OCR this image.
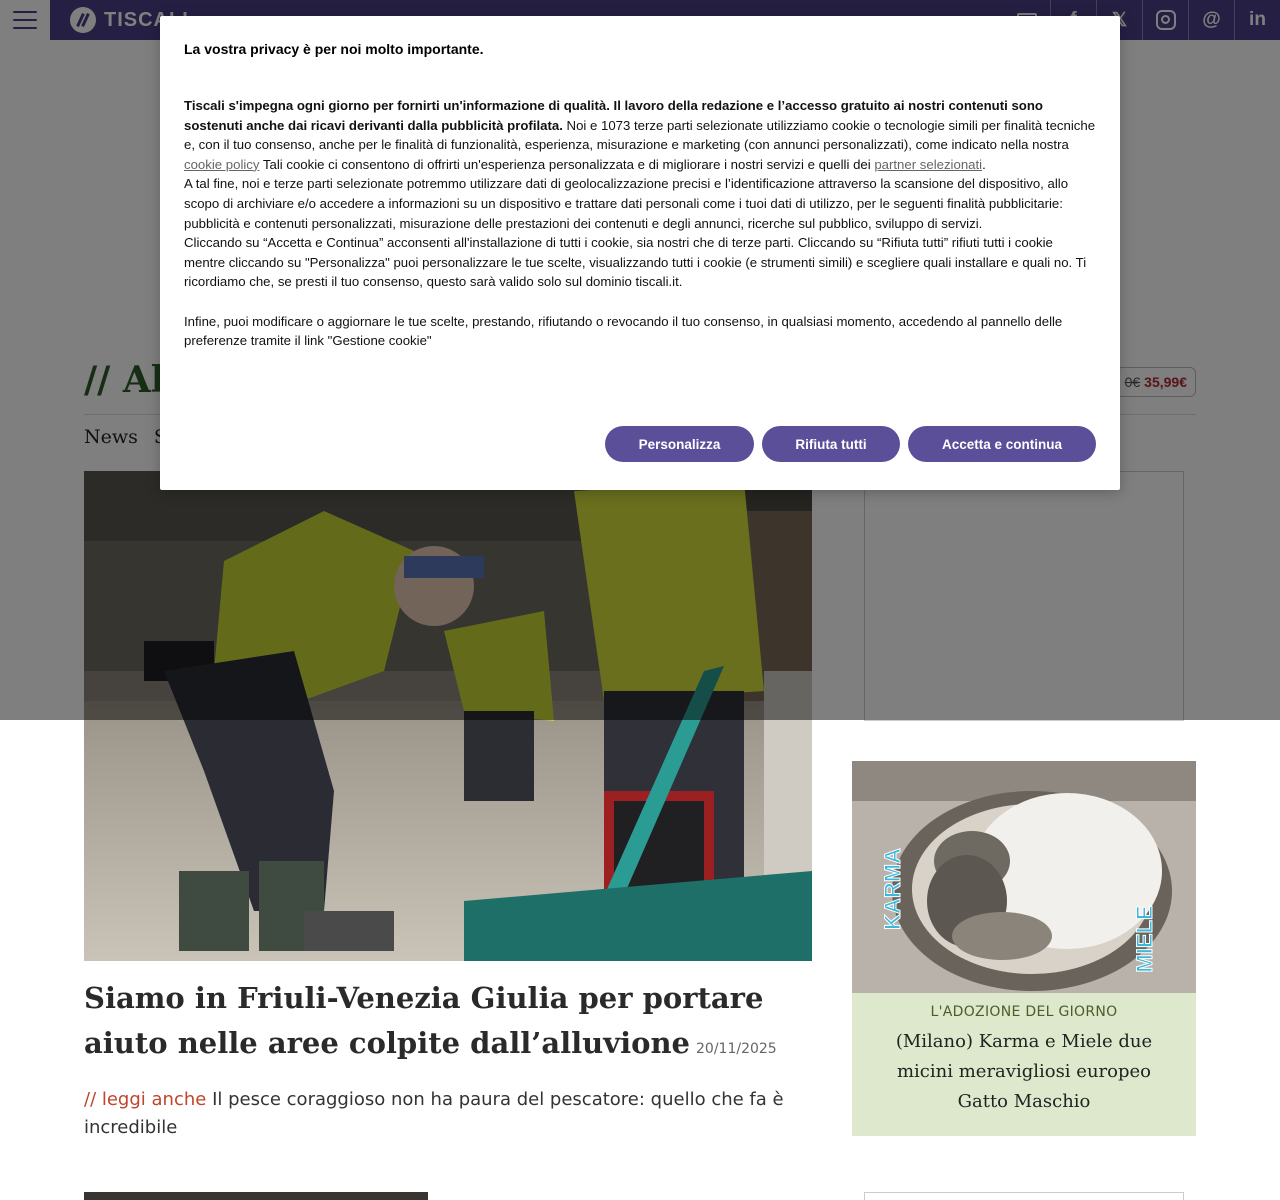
Siamo in Friuli-Venezia Giulia per portare aiuto nelle aree colpite dall’alluvione 20/11/2025
// leggi anche Il pesce coraggioso non ha paura del pescatore: quello che fa è incredibile
KARMA
MIELE
L'ADOZIONE DEL GIORNO
(Milano) Karma e Miele due micini meravigliosi europeo Gatto Maschio
La vostra privacy è per noi molto importante.

Tiscali s'impegna ogni giorno per fornirti un'informazione di qualità. Il lavoro della redazione e l’accesso gratuito ai nostri contenuti sono sostenuti anche dai ricavi derivanti dalla pubblicità profilata. Noi e 1073 terze parti selezionate utilizziamo cookie o tecnologie simili per finalità tecniche e, con il tuo consenso, anche per le finalità di funzionalità, esperienza, misurazione e marketing (con annunci personalizzati), come indicato nella nostra cookie policy Tali cookie ci consentono di offrirti un'esperienza personalizzata e di migliorare i nostri servizi e quelli dei partner selezionati.

A tal fine, noi e terze parti selezionate potremmo utilizzare dati di geolocalizzazione precisi e l’identificazione attraverso la scansione del dispositivo, allo scopo di archiviare e/o accedere a informazioni su un dispositivo e trattare dati personali come i tuoi dati di utilizzo, per le seguenti finalità pubblicitarie: pubblicità e contenuti personalizzati, misurazione delle prestazioni dei contenuti e degli annunci, ricerche sul pubblico, sviluppo di servizi.

Cliccando su “Accetta e Continua” acconsenti all'installazione di tutti i cookie, sia nostri che di terze parti. Cliccando su “Rifiuta tutti” rifiuti tutti i cookie mentre cliccando su "Personalizza" puoi personalizzare le tue scelte, visualizzando tutti i cookie (e strumenti simili) e scegliere quali installare e quali no. Ti ricordiamo che, se presti il tuo consenso, questo sarà valido solo sul dominio tiscali.it.

Infine, puoi modificare o aggiornare le tue scelte, prestando, rifiutando o revocando il tuo consenso, in qualsiasi momento, accedendo al pannello delle preferenze tramite il link "Gestione cookie"

Personalizza	Rifiuta tutti	Accetta e continua
